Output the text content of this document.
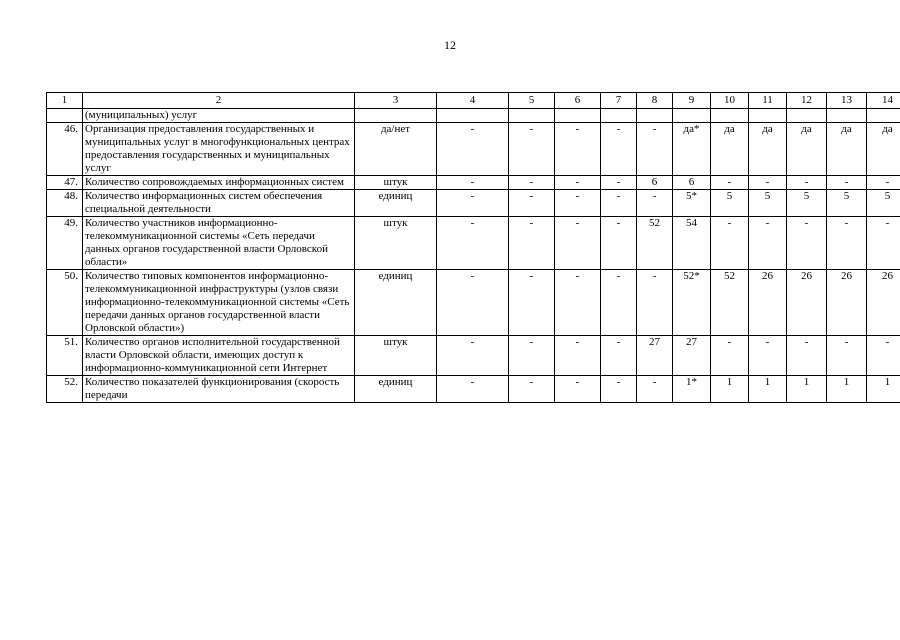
12
1	2	3	4	5	6	7	8	9	10	11	12	13	14
	(муниципальных) услуг												
46.	Организация предоставления государственных и муниципальных услуг в многофункциональных центрах предоставления государственных и муниципальных услуг	да/нет	-	-	-	-	-	да*	да	да	да	да	да
47.	Количество сопровождаемых информационных систем	штук	-	-	-	-	6	6	-	-	-	-	-
48.	Количество информационных систем обеспечения специальной деятельности	единиц	-	-	-	-	-	5*	5	5	5	5	5
49.	Количество участников информационно-телекоммуникационной системы «Сеть передачи данных органов государственной власти Орловской области»	штук	-	-	-	-	52	54	-	-	-	-	-
50.	Количество типовых компонентов информационно-телекоммуникационной инфраструктуры (узлов связи информационно-телекоммуникационной системы «Сеть передачи данных органов государственной власти Орловской области»)	единиц	-	-	-	-	-	52*	52	26	26	26	26
51.	Количество органов исполнительной государственной власти Орловской области, имеющих доступ к информационно-коммуникационной сети Интернет	штук	-	-	-	-	27	27	-	-	-	-	-
52.	Количество показателей функционирования (скорость передачи	единиц	-	-	-	-	-	1*	1	1	1	1	1
